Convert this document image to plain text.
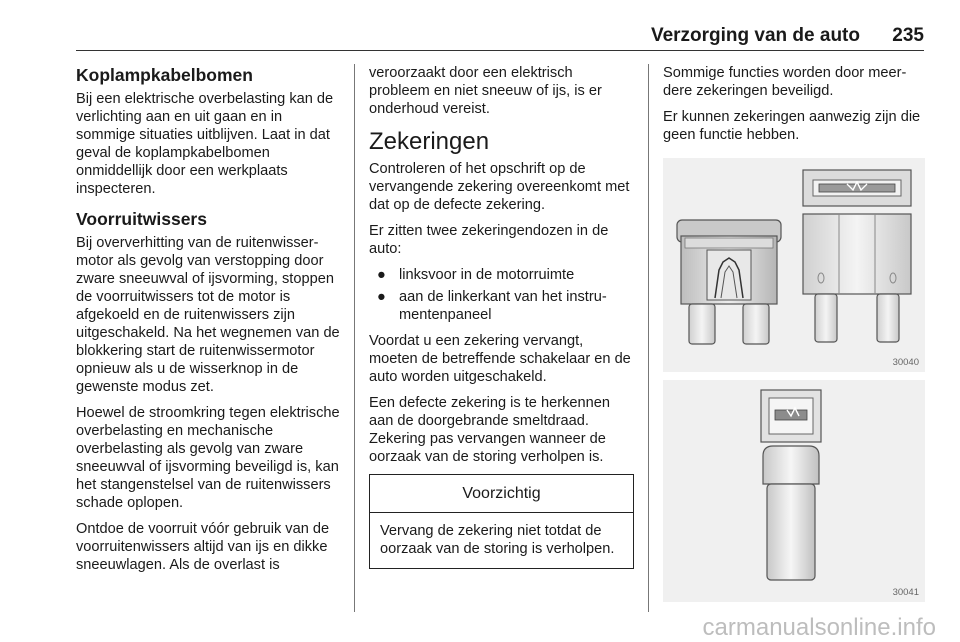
Verzorging van de auto 235
Koplampkabelbomen

Bij een elektrische overbelasting kan de verlichting aan en uit gaan en in sommige situaties uitblijven. Laat in dat geval de koplampkabelbomen onmiddellijk door een werkplaats inspecteren.

Voorruitwissers

Bij oververhitting van de ruitenwissermotor als gevolg van verstopping door zware sneeuwval of ijsvorming, stoppen de voorruitwissers tot de motor is afgekoeld en de ruitenwissers zijn uitgeschakeld. Na het wegnemen van de blokkering start de ruitenwissermotor opnieuw als u de wisserknop in de gewenste modus zet.

Hoewel de stroomkring tegen elektrische overbelasting en mechanische overbelasting als gevolg van zware sneeuwval of ijsvorming beveiligd is, kan het stangenstelsel van de ruitenwissers schade oplopen.

Ontdoe de voorruit vóór gebruik van de voorruitenwissers altijd van ijs en dikke sneeuwlagen. Als de overlast is

veroorzaakt door een elektrisch probleem en niet sneeuw of ijs, is er onderhoud vereist.

Zekeringen

Controleren of het opschrift op de vervangende zekering overeenkomt met dat op de defecte zekering.

Er zitten twee zekeringendozen in de auto:

● linksvoor in de motorruimte
● aan de linkerkant van het instrumentenpaneel

Voordat u een zekering vervangt, moeten de betreffende schakelaar en de auto worden uitgeschakeld.

Een defecte zekering is te herkennen aan de doorgebrande smeltdraad. Zekering pas vervangen wanneer de oorzaak van de storing verholpen is.

Voorzichtig
Vervang de zekering niet totdat de oorzaak van de storing is verholpen.

Sommige functies worden door meerdere zekeringen beveiligd.

Er kunnen zekeringen aanwezig zijn die geen functie hebben.

30040
30041
carmanualsonline.info
